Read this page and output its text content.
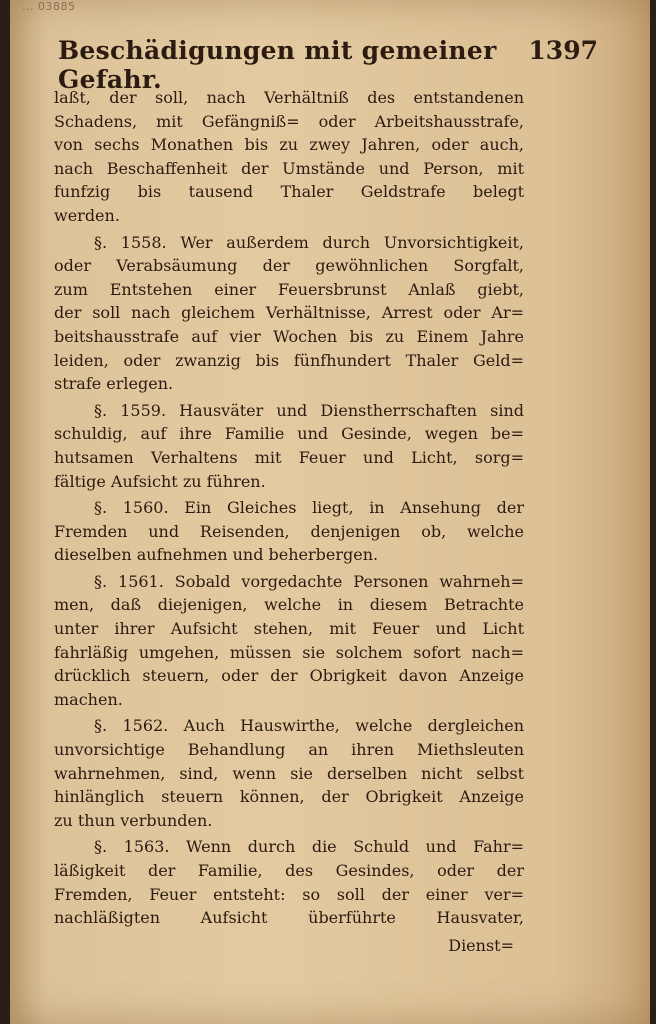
... 03885
Beschädigungen mit gemeiner Gefahr.
1397
laßt, der soll, nach Verhältniß des entstandenen
Schadens, mit Gefängniß= oder Arbeitshausstrafe,
von sechs Monathen bis zu zwey Jahren, oder auch,
nach Beschaffenheit der Umstände und Person, mit
funfzig bis tausend Thaler Geldstrafe belegt
werden.
§. 1558. Wer außerdem durch Unvorsichtigkeit,
oder Verabsäumung der gewöhnlichen Sorgfalt,
zum Entstehen einer Feuersbrunst Anlaß giebt,
der soll nach gleichem Verhältnisse, Arrest oder Ar=
beitshausstrafe auf vier Wochen bis zu Einem Jahre
leiden, oder zwanzig bis fünfhundert Thaler Geld=
strafe erlegen.
§. 1559. Hausväter und Dienstherrschaften sind
schuldig, auf ihre Familie und Gesinde, wegen be=
hutsamen Verhaltens mit Feuer und Licht, sorg=
fältige Aufsicht zu führen.
§. 1560. Ein Gleiches liegt, in Ansehung der
Fremden und Reisenden, denjenigen ob, welche
dieselben aufnehmen und beherbergen.
§. 1561. Sobald vorgedachte Personen wahrneh=
men, daß diejenigen, welche in diesem Betrachte
unter ihrer Aufsicht stehen, mit Feuer und Licht
fahrläßig umgehen, müssen sie solchem sofort nach=
drücklich steuern, oder der Obrigkeit davon Anzeige
machen.
§. 1562. Auch Hauswirthe, welche dergleichen
unvorsichtige Behandlung an ihren Miethsleuten
wahrnehmen, sind, wenn sie derselben nicht selbst
hinlänglich steuern können, der Obrigkeit Anzeige
zu thun verbunden.
§. 1563. Wenn durch die Schuld und Fahr=
läßigkeit der Familie, des Gesindes, oder der
Fremden, Feuer entsteht: so soll der einer ver=
nachläßigten Aufsicht überführte Hausvater,
Dienst=
